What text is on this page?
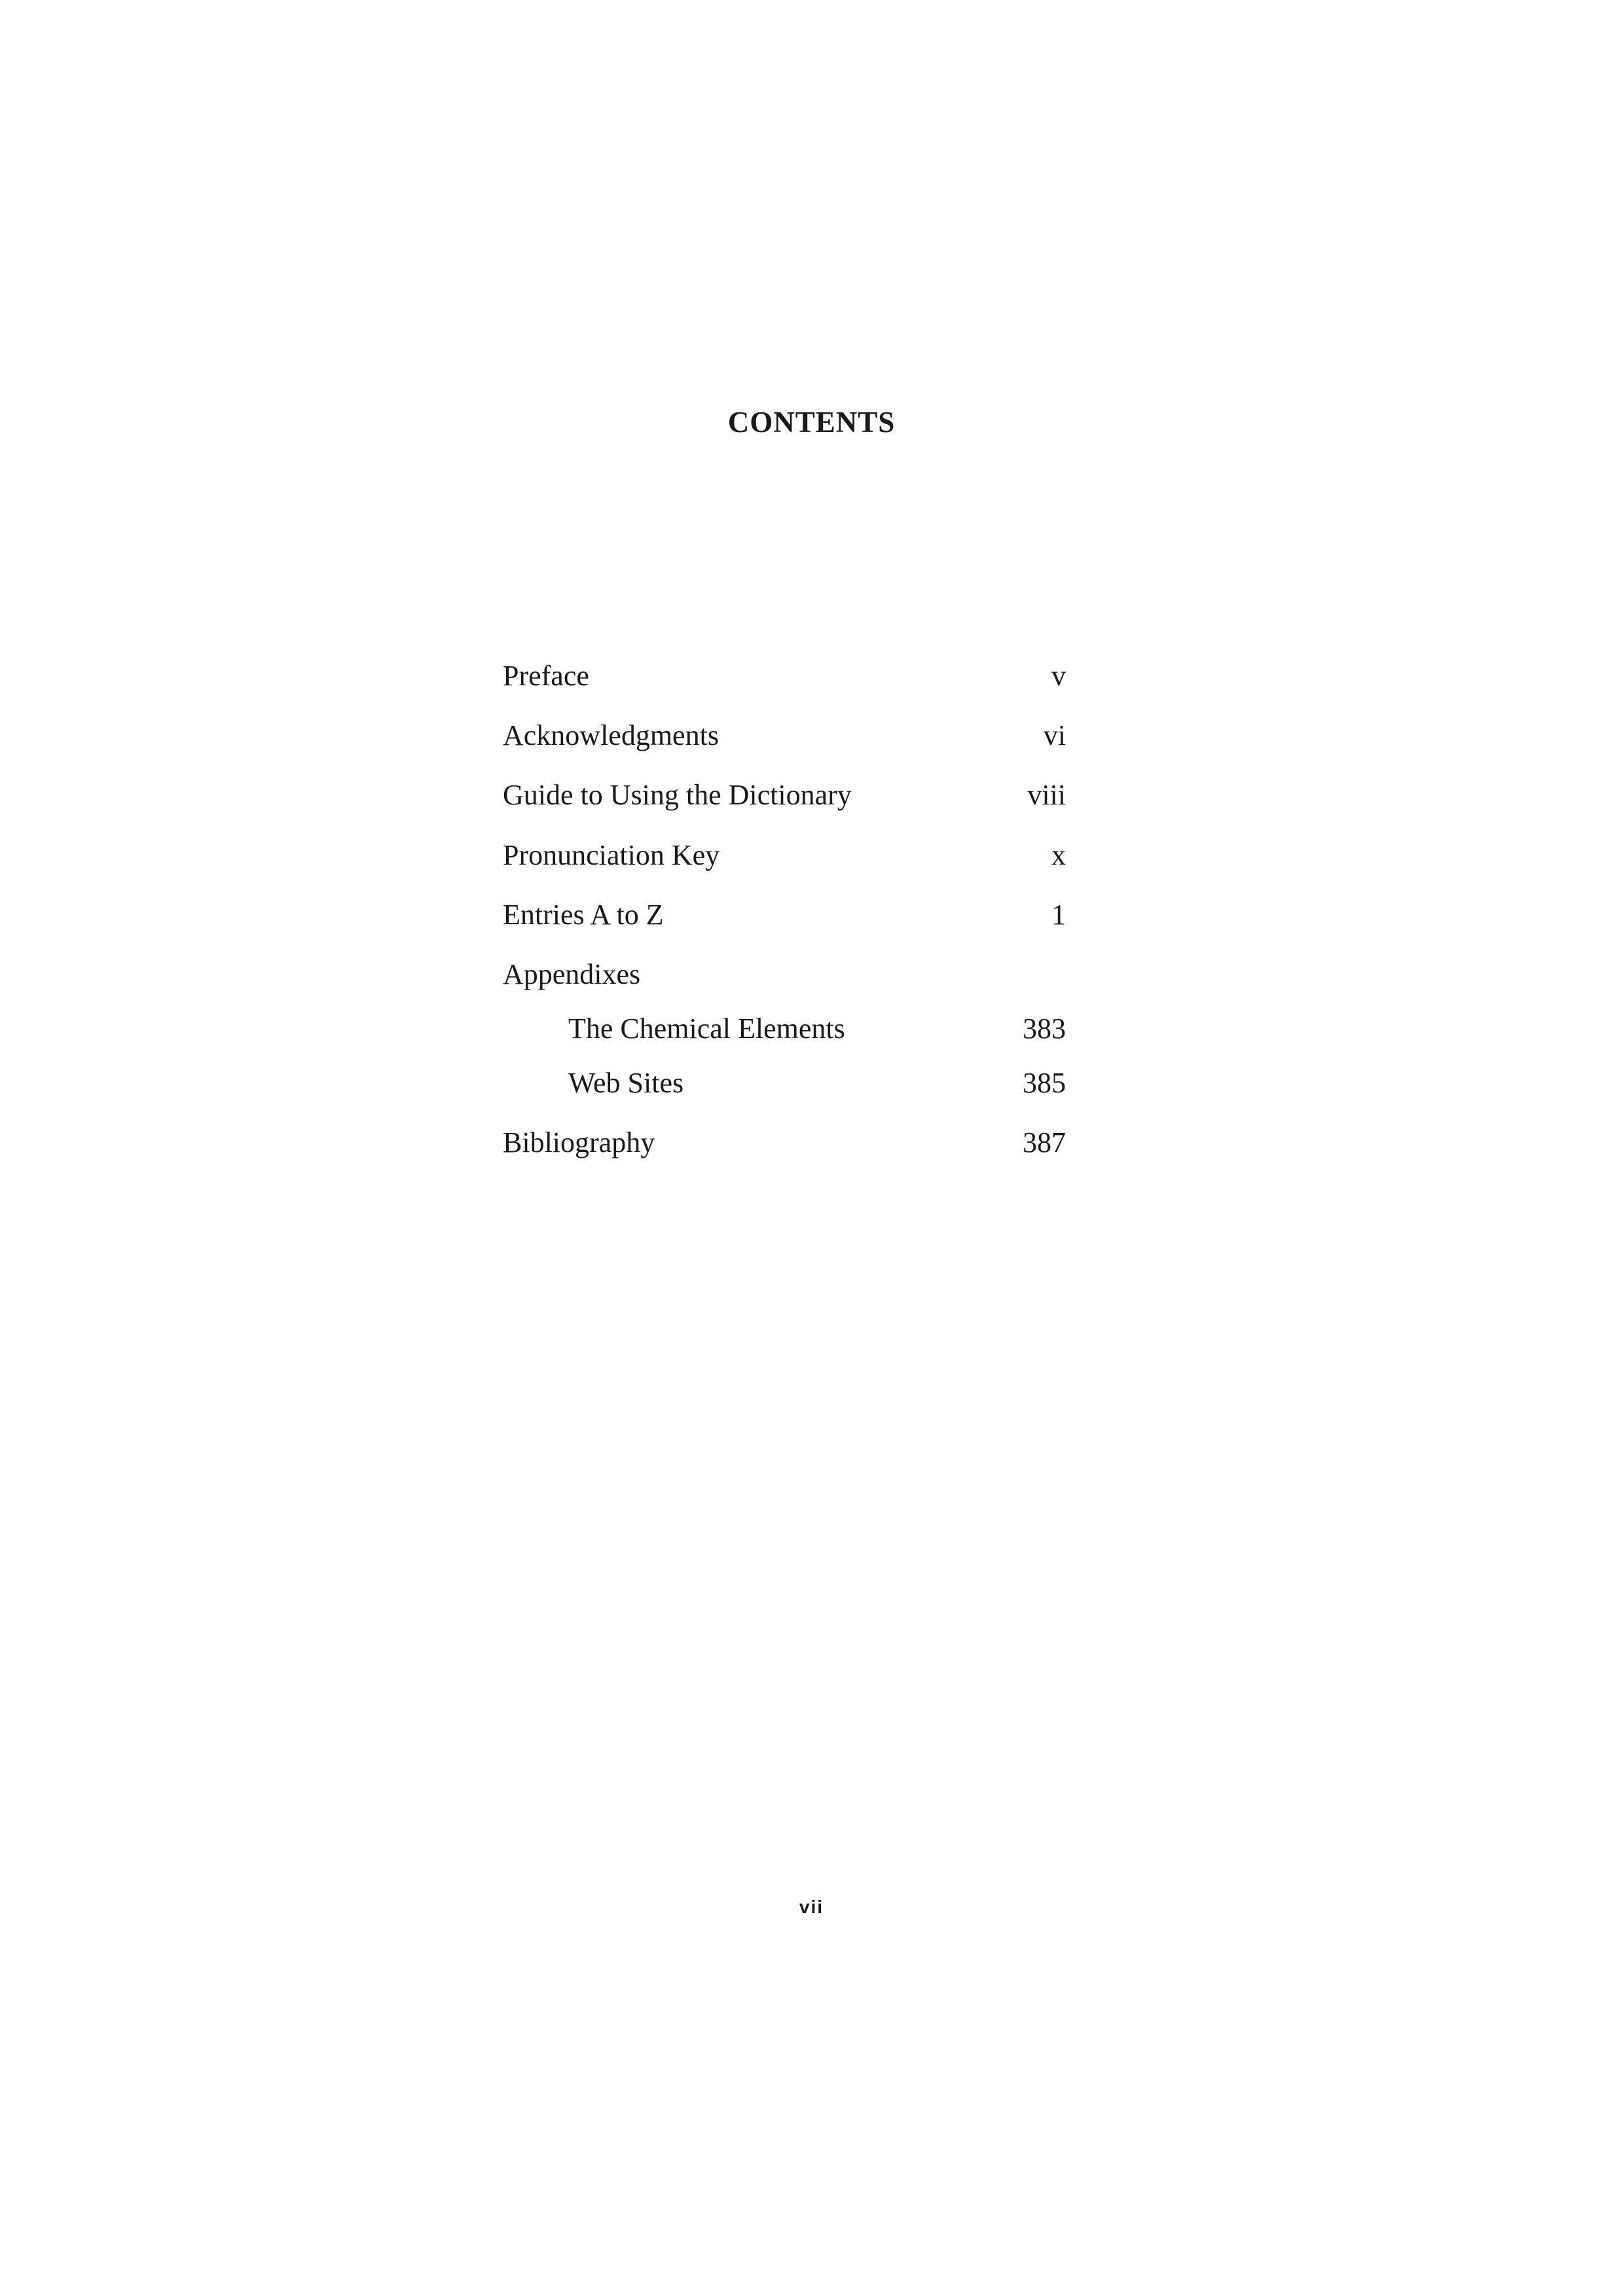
CONTENTS
Preface	v
Acknowledgments	vi
Guide to Using the Dictionary	viii
Pronunciation Key	x
Entries A to Z	1
Appendixes
The Chemical Elements	383
Web Sites	385
Bibliography	387
vii
